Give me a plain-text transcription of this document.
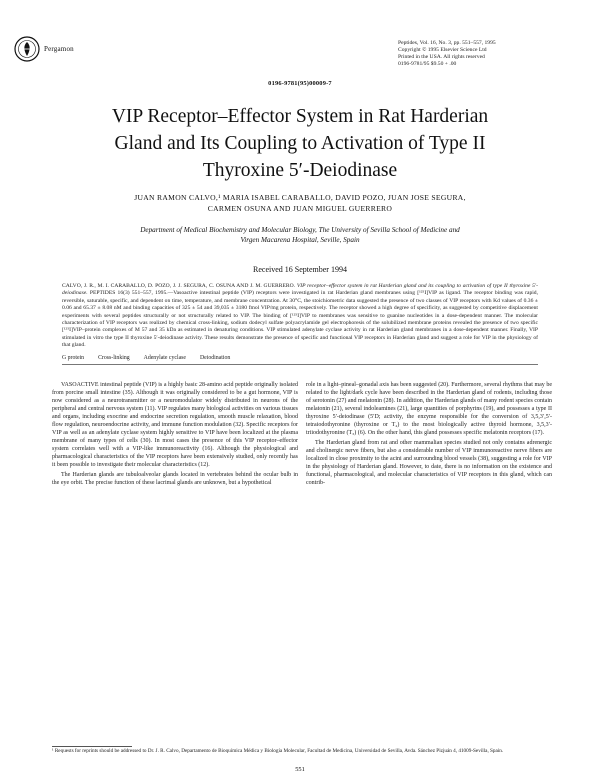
Pergamon
Peptides, Vol. 16, No. 3, pp. 551–557, 1995
Copyright © 1995 Elsevier Science Ltd
Printed in the USA. All rights reserved
0196-9781/95 $9.50 + .00
0196-9781(95)00009-7
VIP Receptor–Effector System in Rat Harderian
Gland and Its Coupling to Activation of Type II
Thyroxine 5′-Deiodinase
JUAN RAMON CALVO,¹ MARIA ISABEL CARABALLO, DAVID POZO, JUAN JOSE SEGURA,
CARMEN OSUNA AND JUAN MIGUEL GUERRERO
Department of Medical Biochemistry and Molecular Biology, The University of Sevilla School of Medicine and
Virgen Macarena Hospital, Seville, Spain
Received 16 September 1994
CALVO, J. R., M. I. CARABALLO, D. POZO, J. J. SEGURA, C. OSUNA AND J. M. GUERRERO. VIP receptor–effector system in rat Harderian gland and its coupling to activation of type II thyroxine 5′-deiodinase. PEPTIDES 16(3) 551–557, 1995.—Vasoactive intestinal peptide (VIP) receptors were investigated in rat Harderian gland membranes using [¹²⁵I]VIP as ligand. The receptor binding was rapid, reversible, saturable, specific, and dependent on time, temperature, and membrane concentration. At 30°C, the stoichiometric data suggested the presence of two classes of VIP receptors with Kd values of 0.36 ± 0.06 and 65.37 ± 8.08 nM and binding capacities of 325 ± 54 and 39,035 ± 3180 fmol VIP/mg protein, respectively. The receptor showed a high degree of specificity, as suggested by competitive displacement experiments with several peptides structurally or not structurally related to VIP. The binding of [¹²⁵I]VIP to membranes was sensitive to guanine nucleotides in a dose-dependent manner. The molecular characterization of VIP receptors was realized by chemical cross-linking, sodium dodecyl sulfate polyacrylamide gel electrophoresis of the solubilized membrane proteins revealed the presence of two specific [¹²⁵I]VIP–protein complexes of M 57 and 35 kDa as estimated in denaturing conditions. VIP stimulated adenylate cyclase activity in rat Harderian gland membranes in a dose-dependent manner. Finally, VIP stimulated in vitro the type II thyroxine 5′-deiodinase activity. These results demonstrate the presence of specific and functional VIP receptors in Harderian gland and suggest a role for VIP in the physiology of that gland.
G protein Cross-linking Adenylate cyclase Deiodination

VASOACTIVE intestinal peptide (VIP) is a highly basic 28-amino acid peptide originally isolated from porcine small intestine (35). Although it was originally considered to be a gut hormone, VIP is now considered as a neurotransmitter or a neuromodulator widely distributed in neurons of the peripheral and central nervous system (11). VIP regulates many biological activities on various tissues and organs, including exocrine and endocrine secretion regulation, smooth muscle relaxation, blood flow regulation, neuroendocrine activity, and immune function modulation (32). Specific receptors for VIP as well as an adenylate cyclase system highly sensitive to VIP have been localized at the plasma membrane of many types of cells (30). In most cases the presence of this VIP receptor–effector system correlates well with a VIP-like immunoreactivity (16). Although the physiological and pharmacological characteristics of the VIP receptors have been extensively studied, only recently has it been possible to investigate their molecular characteristics (12).

The Harderian glands are tubuloalveolar glands located in vertebrates behind the ocular bulb in the eye orbit. The precise function of these lacrimal glands are unknown, but a hypothetical

role in a light–pineal–gonadal axis has been suggested (20). Furthermore, several rhythms that may be related to the light/dark cycle have been described in the Harderian gland of rodents, including those of serotonin (27) and melatonin (28). In addition, the Harderian glands of many rodent species contain melatonin (21), several indoleamines (21), large quantities of porphyrins (19), and possesses a type II thyroxine 5′-deiodinase (5′D; activity, the enzyme responsible for the conversion of 3,5,3′,5′-tetraiodothyronine (thyroxine or T₄) to the most biologically active thyroid hormone, 3,5,3′-triiodothyronine (T₃) (6). On the other hand, this gland possesses specific melatonin receptors (17).

The Harderian gland from rat and other mammalian species studied not only contains adrenergic and cholinergic nerve fibers, but also a considerable number of VIP immunoreactive nerve fibers are localized in close proximity to the acini and surrounding blood vessels (38), suggesting a role for VIP in the physiology of Harderian gland. However, to date, there is no information on the existence and functional, pharmacological, and molecular characteristics of VIP receptors in this gland, which can contrib-

¹ Requests for reprints should be addressed to Dr. J. R. Calvo, Departamento de Bioquímica Médica y Biología Molecular, Facultad de Medicina, Universidad de Sevilla, Avda. Sánchez Pizjuán 4, 41009-Sevilla, Spain.
551
